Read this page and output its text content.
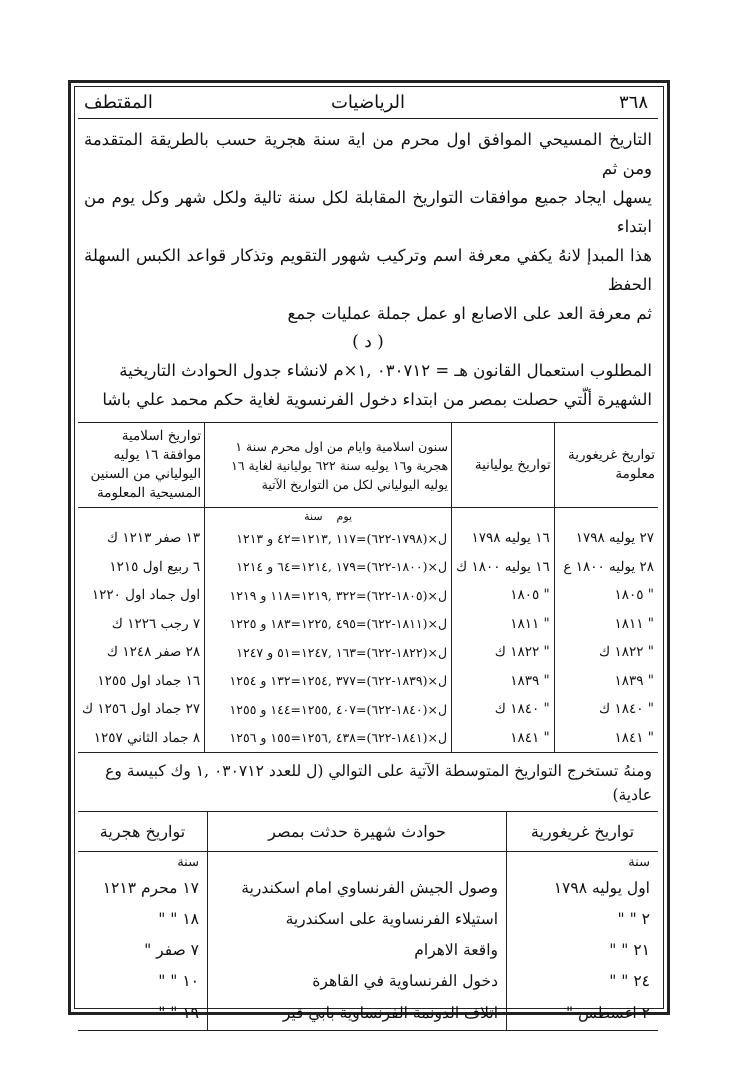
٣٦٨
الرياضيات
المقتطف

التاريخ المسيحي الموافق اول محرم من اية سنة هجرية حسب بالطريقة المتقدمة ومن ثم

يسهل ايجاد جميع موافقات التواريخ المقابلة لكل سنة تالية ولكل شهر وكل يوم من ابتداء

هذا المبدإ لانهُ يكفي معرفة اسم وتركيب شهور التقويم وتذكار قواعد الكبس السهلة الحفظ

ثم معرفة العد على الاصابع او عمل جملة عمليات جمع

( د )

المطلوب استعمال القانون هـ = ٠٣٠٧١٢ ,١×م لانشاء جدول الحوادث التاريخية

الشهيرة ألّتي حصلت بمصر من ابتداء دخول الفرنسوية لغاية حكم محمد علي باشا

تواريخ غريغورية معلومة	تواريخ يوليانية	سنون اسلامية وايام من اول محرم سنة ١ هجرية و١٦ يوليه سنة ٦٢٢ يوليانية لغاية ١٦ يوليه اليولياني لكل من التواريخ الآتية	تواريخ اسلامية موافقة ١٦ يوليه اليولياني من السنين المسيحية المعلومة
		يوم    سنة	
٢٧ يوليه ١٧٩٨	١٦ يوليه ١٧٩٨	ل×(١٧٩٨-٦٢٢)=١١٧ ,١٢١٣=٤٢ و ١٢١٣	١٣ صفر ١٢١٣ ك
٢٨ يوليه ١٨٠٠ ع	١٦ يوليه ١٨٠٠ ك	ل×(١٨٠٠-٦٢٢)=١٧٩ ,١٢١٤=٦٤ و ١٢١٤	٦ ربيع اول ١٢١٥
" ١٨٠٥	" ١٨٠٥	ل×(١٨٠٥-٦٢٢)=٣٢٢ ,١٢١٩=١١٨ و ١٢١٩	اول جماد اول ١٢٢٠
" ١٨١١	" ١٨١١	ل×(١٨١١-٦٢٢)=٤٩٥ ,١٢٢٥=١٨٣ و ١٢٢٥	٧ رجب ١٢٢٦ ك
" ١٨٢٢ ك	" ١٨٢٢ ك	ل×(١٨٢٢-٦٢٢)=١٦٣ ,١٢٤٧=٥١ و ١٢٤٧	٢٨ صفر ١٢٤٨ ك
" ١٨٣٩	" ١٨٣٩	ل×(١٨٣٩-٦٢٢)=٣٧٧ ,١٢٥٤=١٣٢ و ١٢٥٤	١٦ جماد اول ١٢٥٥
" ١٨٤٠ ك	" ١٨٤٠ ك	ل×(١٨٤٠-٦٢٢)=٤٠٧ ,١٢٥٥=١٤٤ و ١٢٥٥	٢٧ جماد اول ١٢٥٦ ك
" ١٨٤١	" ١٨٤١	ل×(١٨٤١-٦٢٢)=٤٣٨ ,١٢٥٦=١٥٥ و ١٢٥٦	٨ جماد الثاني ١٢٥٧
ومنهُ تستخرج التواريخ المتوسطة الآتية على التوالي (ل للعدد ٠٣٠٧١٢ ,١ وك كبيسة وع عادية)
تواريخ غريغورية	حوادث شهيرة حدثت بمصر	تواريخ هجرية
سنة		سنة
اول يوليه ١٧٩٨	وصول الجيش الفرنساوي امام اسكندرية	١٧ محرم ١٢١٣
٢ " "	استيلاء الفرنساوية على اسكندرية	١٨ " "
٢١ " "	واقعة الاهرام	٧ صفر "
٢٤ " "	دخول الفرنساوية في القاهرة	١٠ " "
٢ اغسطس "	اتلاف الدونمة الفرنساوية بابي قير	١٩ " "
